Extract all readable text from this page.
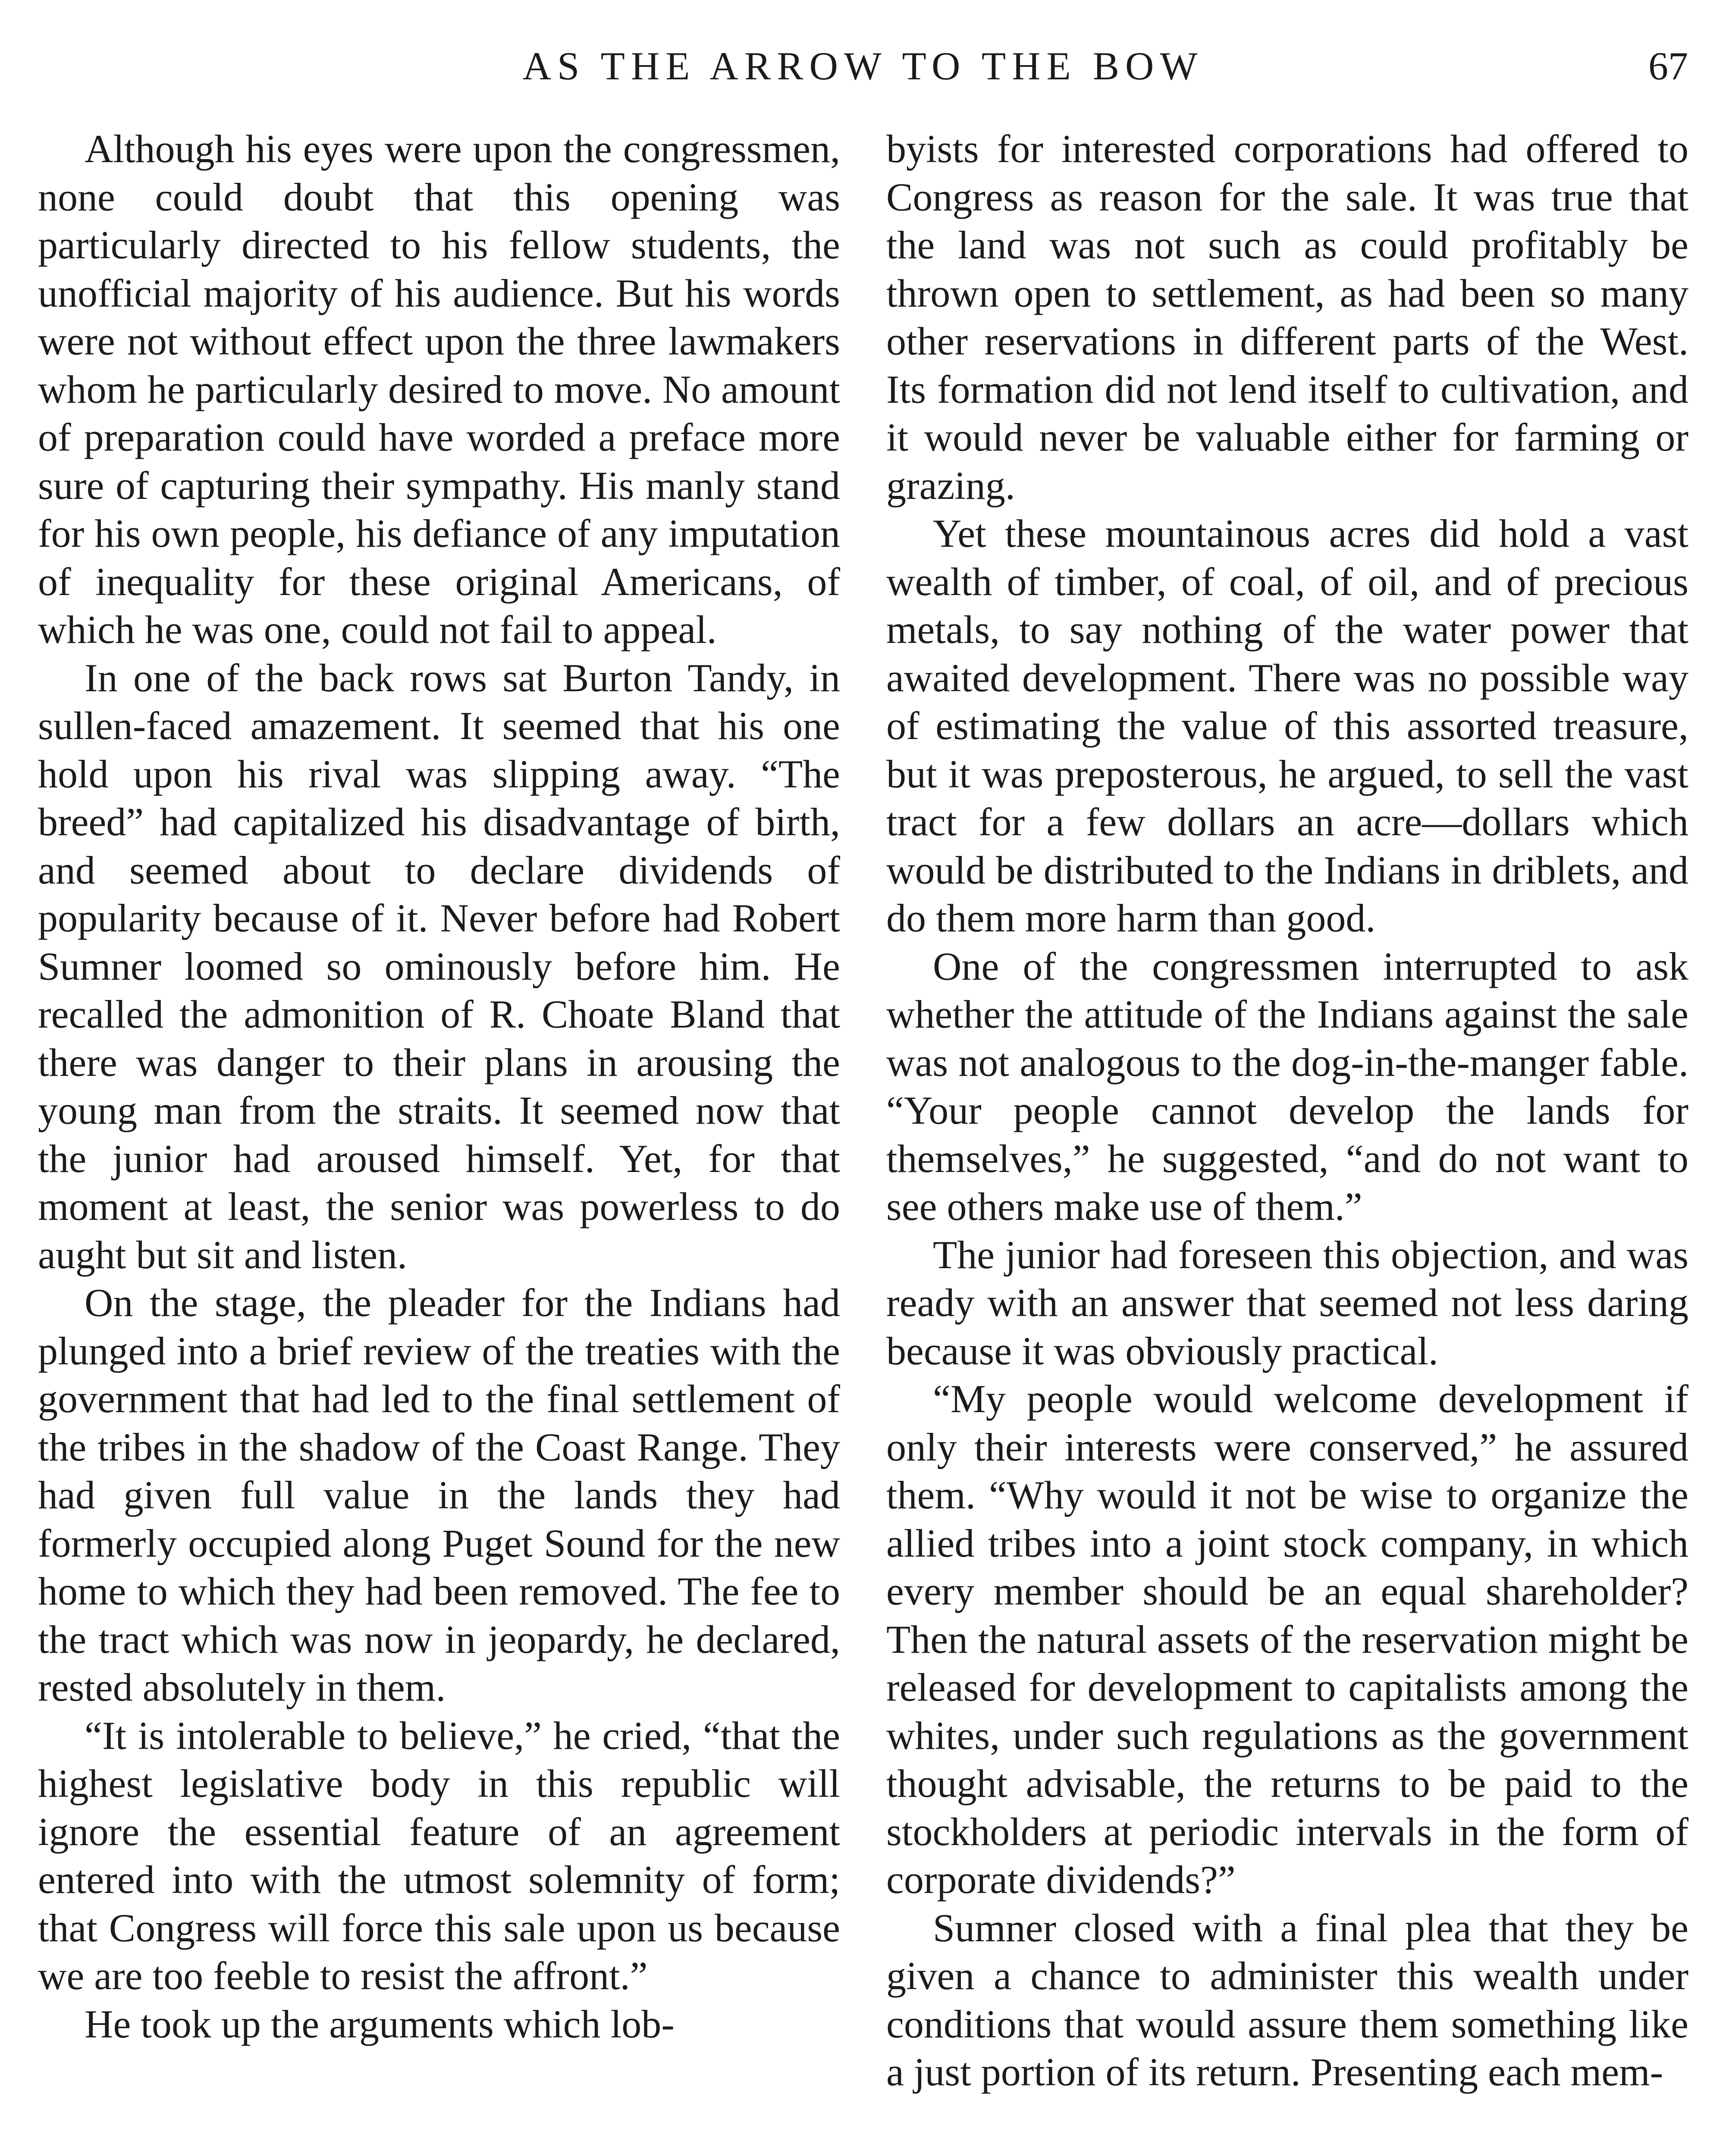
AS THE ARROW TO THE BOW	67

Although his eyes were upon the congressmen, none could doubt that this opening was particularly directed to his fellow students, the unofficial majority of his audience. But his words were not without effect upon the three lawmakers whom he particularly desired to move. No amount of preparation could have worded a preface more sure of capturing their sympathy. His manly stand for his own people, his defiance of any imputation of inequality for these original Americans, of which he was one, could not fail to appeal.

In one of the back rows sat Burton Tandy, in sullen-faced amazement. It seemed that his one hold upon his rival was slipping away. “The breed” had capitalized his disadvantage of birth, and seemed about to declare dividends of popularity because of it. Never before had Robert Sumner loomed so ominously before him. He recalled the admonition of R. Choate Bland that there was danger to their plans in arousing the young man from the straits. It seemed now that the junior had aroused himself. Yet, for that moment at least, the senior was powerless to do aught but sit and listen.

On the stage, the pleader for the Indians had plunged into a brief review of the treaties with the government that had led to the final settlement of the tribes in the shadow of the Coast Range. They had given full value in the lands they had formerly occupied along Puget Sound for the new home to which they had been removed. The fee to the tract which was now in jeopardy, he declared, rested absolutely in them.

“It is intolerable to believe,” he cried, “that the highest legislative body in this republic will ignore the essential feature of an agreement entered into with the utmost solemnity of form; that Congress will force this sale upon us because we are too feeble to resist the affront.”

He took up the arguments which lob-

byists for interested corporations had offered to Congress as reason for the sale. It was true that the land was not such as could profitably be thrown open to settlement, as had been so many other reservations in different parts of the West. Its formation did not lend itself to cultivation, and it would never be valuable either for farming or grazing.

Yet these mountainous acres did hold a vast wealth of timber, of coal, of oil, and of precious metals, to say nothing of the water power that awaited development. There was no possible way of estimating the value of this assorted treasure, but it was preposterous, he argued, to sell the vast tract for a few dollars an acre—dollars which would be distributed to the Indians in driblets, and do them more harm than good.

One of the congressmen interrupted to ask whether the attitude of the Indians against the sale was not analogous to the dog-in-the-manger fable. “Your people cannot develop the lands for themselves,” he suggested, “and do not want to see others make use of them.”

The junior had foreseen this objection, and was ready with an answer that seemed not less daring because it was obviously practical.

“My people would welcome development if only their interests were conserved,” he assured them. “Why would it not be wise to organize the allied tribes into a joint stock company, in which every member should be an equal shareholder? Then the natural assets of the reservation might be released for development to capitalists among the whites, under such regulations as the government thought advisable, the returns to be paid to the stockholders at periodic intervals in the form of corporate dividends?”

Sumner closed with a final plea that they be given a chance to administer this wealth under conditions that would assure them something like a just portion of its return. Presenting each mem-
